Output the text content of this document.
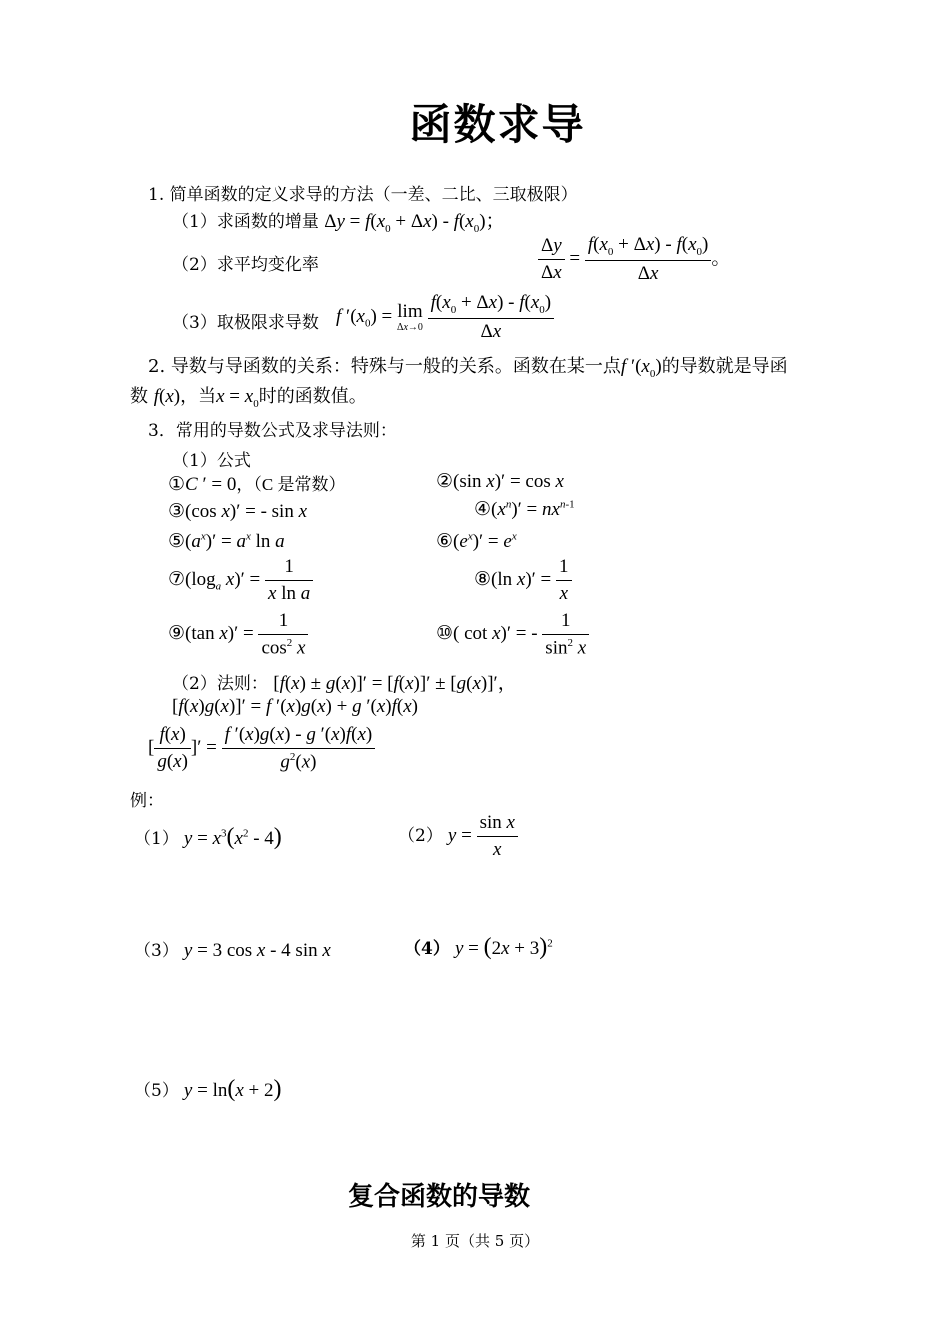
函数求导
1. 简单函数的定义求导的方法（一差、二比、三取极限）
（1）求函数的增量 $\Delta y = f(x_0 + \Delta x) - f(x_0)$；
（2）求平均变化率	$\frac{\Delta y}{\Delta x} = \frac{f(x_0 + \Delta x) - f(x_0)}{\Delta x}$ 。
（3）取极限求导数 f $'(x_0) = \lim$
Δx→0
$\frac{f(x_0 + \Delta x) - f(x_0)}{\Delta x}$
2. 导数与导函数的关系：特殊与一般的关系。函数在某一点f $'(x_0)$的导数就是导函
数 f(x)，当$x = x_0$时的函数值。
3．常用的导数公式及求导法则：
（1）公式
①C ′ = 0，（C 是常数）	②(sin x)′ = cos x
③(cos x)′ = - sin x	$④(x^n)' = nx^{n-1}$
$⑤(a^x)' = a^x$ ln a	$⑥(e^x)' = e^x$
$⑦(\log_a$ $x)' = \frac{1}{\text{x ln a}}$	⑧(ln $x)' = \frac{1}{x}$
⑨(tan $x)' = \frac{1}{\cos^2 x}$	⑩( cot x)′ = - $\frac{1}{\sin^2 x}$
（2）法则： [f(x) ± g(x)]′ = [f(x)]′ ± [g(x)]′，
[f(x)g(x)]′ = f ′(x)g(x) + g ′(x)f(x)
[ $\frac{f(x)}{g(x)}$ ]′ = $\frac{f '(x)g(x) - g '(x)f(x)}{g^2(x)}$
例：
（1） $y = x^3(x^2 - 4)$	（2） $y = \frac{\text{sin x}}{x}$
（3） y = 3 cos x - 4 sin x	（4） $y = (2x + 3)^2$
（5） y = ln(x + 2)
复合函数的导数
第 1 页（共 5 页）
